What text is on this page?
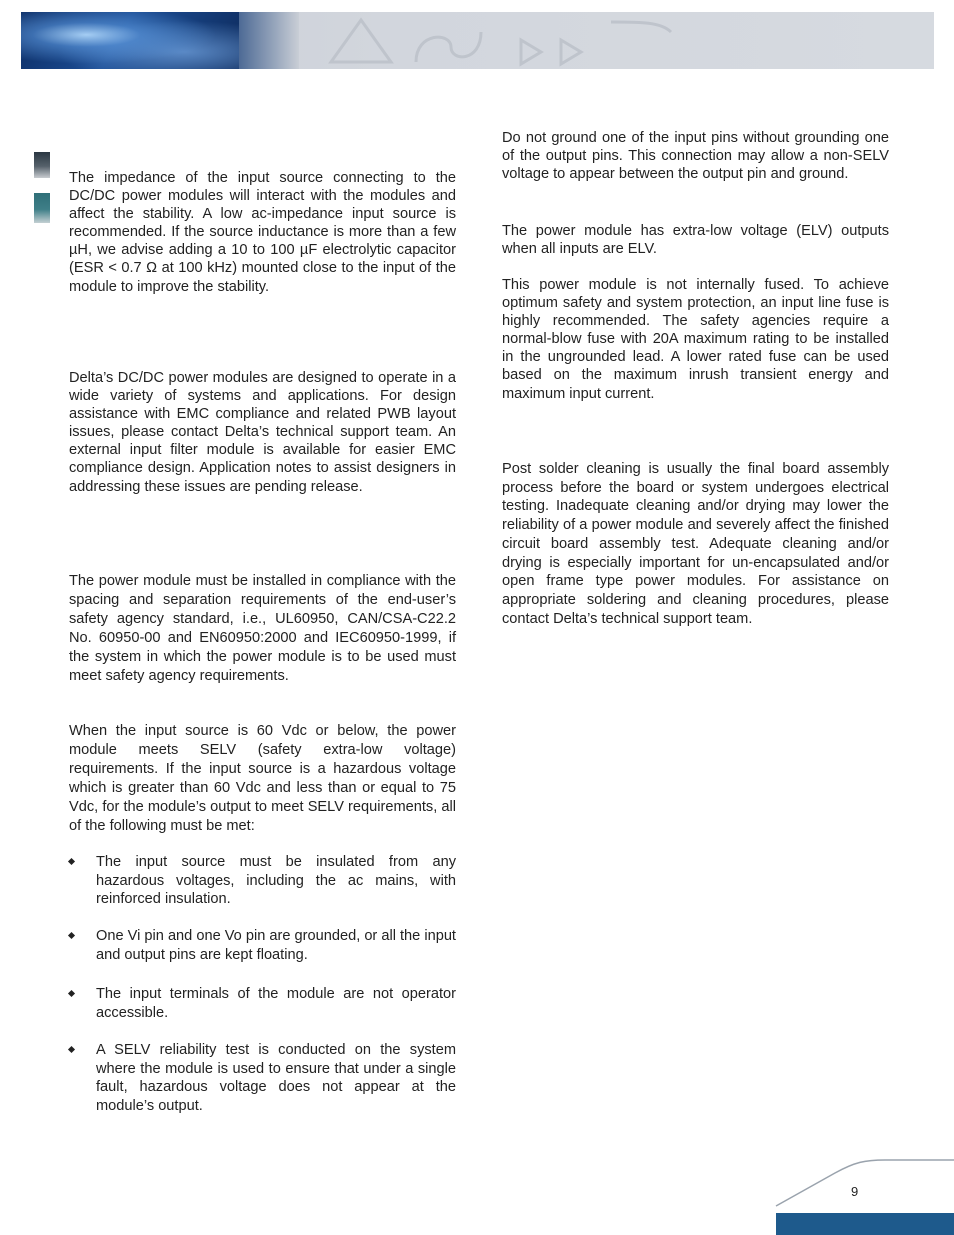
The impedance of the input source connecting to the DC/DC power modules will interact with the modules and affect the stability. A low ac-impedance input source is recommended. If the source inductance is more than a few µH, we advise adding a 10 to 100 µF electrolytic capacitor (ESR < 0.7 Ω at 100 kHz) mounted close to the input of the module to improve the stability.

Delta’s DC/DC power modules are designed to operate in a wide variety of systems and applications. For design assistance with EMC compliance and related PWB layout issues, please contact Delta’s technical support team. An external input filter module is available for easier EMC compliance design. Application notes to assist designers in addressing these issues are pending release.

The power module must be installed in compliance with the spacing and separation requirements of the end-user’s safety agency standard, i.e., UL60950, CAN/CSA-C22.2 No. 60950-00 and EN60950:2000 and IEC60950-1999, if the system in which the power module is to be used must meet safety agency requirements.

When the input source is 60 Vdc or below, the power module meets SELV (safety extra-low voltage) requirements. If the input source is a hazardous voltage which is greater than 60 Vdc and less than or equal to 75 Vdc, for the module’s output to meet SELV requirements, all of the following must be met:

The input source must be insulated from any hazardous voltages, including the ac mains, with reinforced insulation.
One Vi pin and one Vo pin are grounded, or all the input and output pins are kept floating.
The input terminals of the module are not operator accessible.
A SELV reliability test is conducted on the system where the module is used to ensure that under a single fault, hazardous voltage does not appear at the module’s output.

Do not ground one of the input pins without grounding one of the output pins. This connection may allow a non-SELV voltage to appear between the output pin and ground.

The power module has extra-low voltage (ELV) outputs when all inputs are ELV.

This power module is not internally fused. To achieve optimum safety and system protection, an input line fuse is highly recommended. The safety agencies require a normal-blow fuse with 20A maximum rating to be installed in the ungrounded lead. A lower rated fuse can be used based on the maximum inrush transient energy and maximum input current.

Post solder cleaning is usually the final board assembly process before the board or system undergoes electrical testing. Inadequate cleaning and/or drying may lower the reliability of a power module and severely affect the finished circuit board assembly test. Adequate cleaning and/or drying is especially important for un-encapsulated and/or open frame type power modules. For assistance on appropriate soldering and cleaning procedures, please contact Delta’s technical support team.

9
